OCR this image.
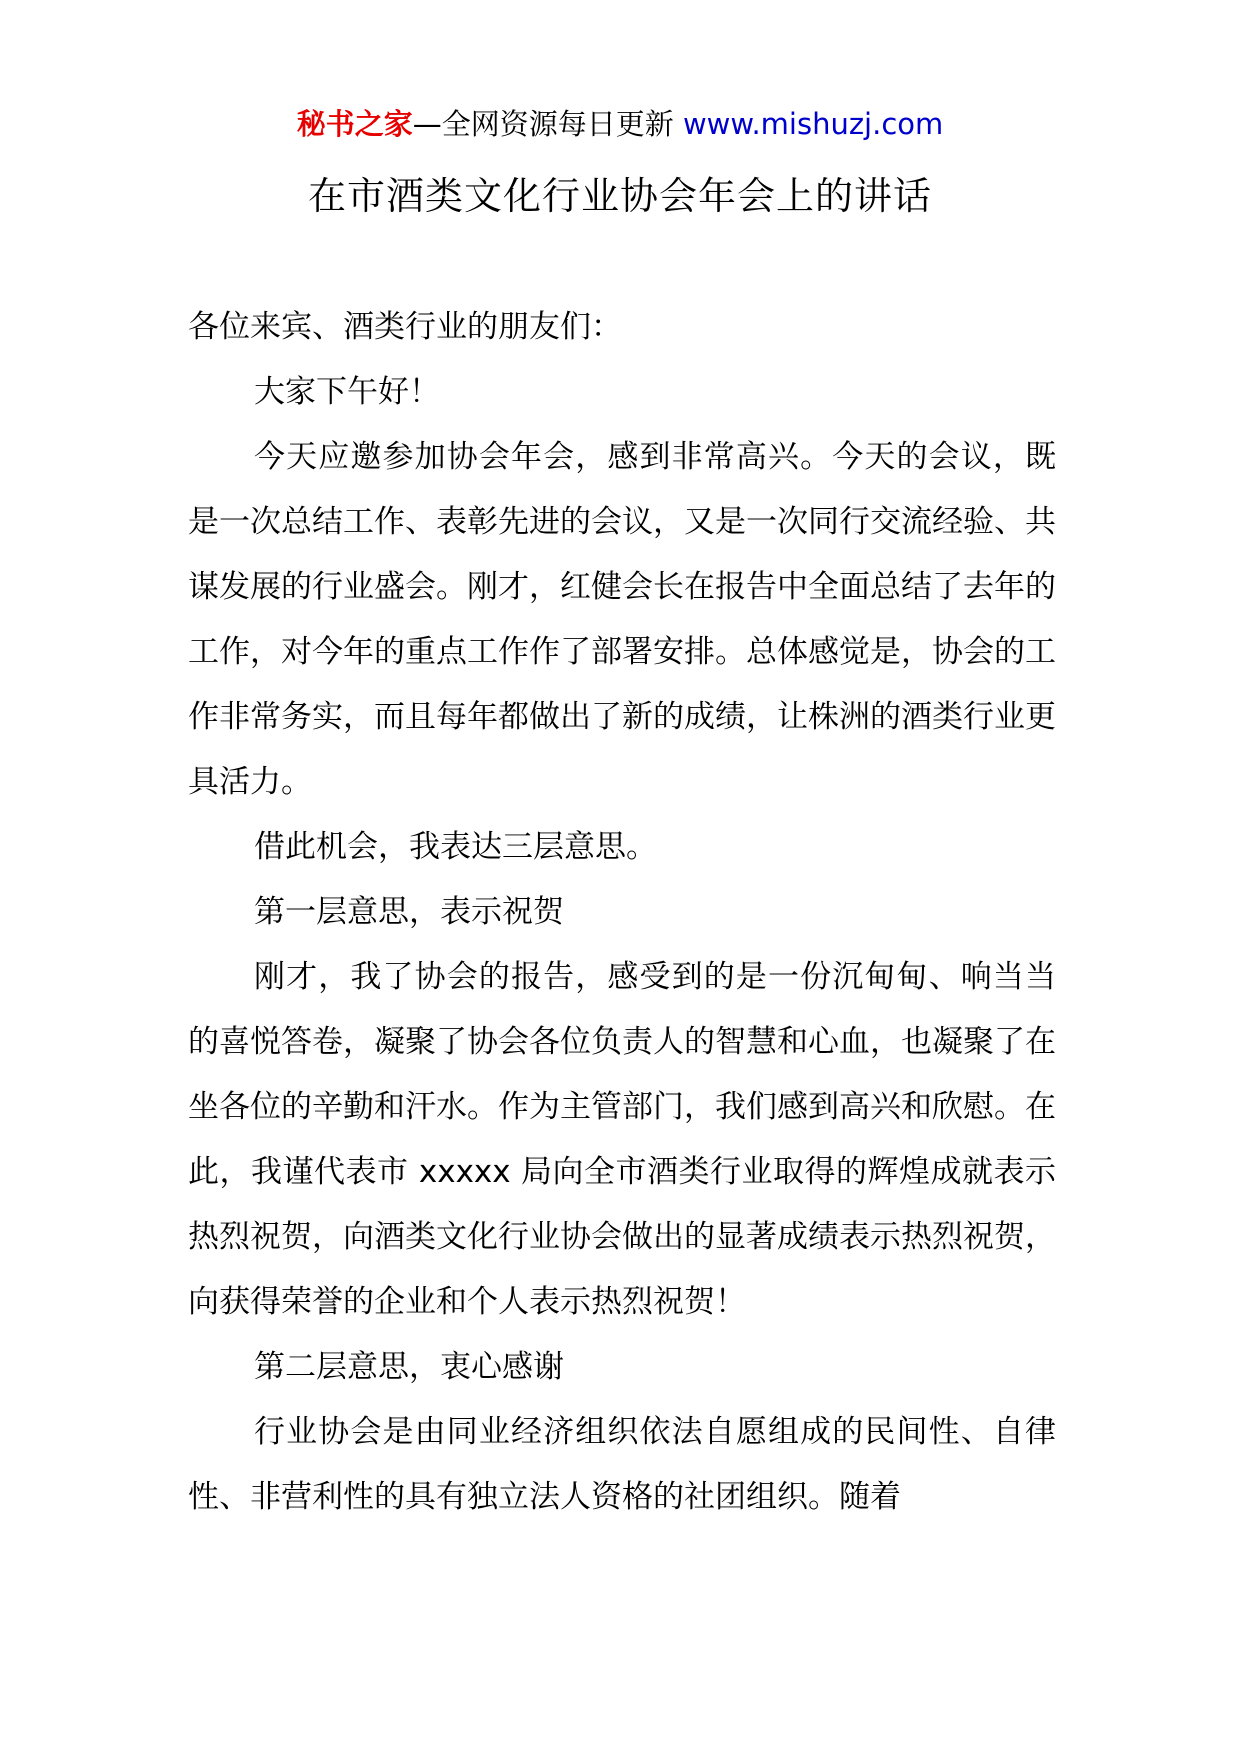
秘书之家—全网资源每日更新 www.mishuzj.com
在市酒类文化行业协会年会上的讲话

各位来宾、酒类行业的朋友们：

大家下午好！

今天应邀参加协会年会，感到非常高兴。今天的会议，既是一次总结工作、表彰先进的会议，又是一次同行交流经验、共谋发展的行业盛会。刚才，红健会长在报告中全面总结了去年的工作，对今年的重点工作作了部署安排。总体感觉是，协会的工作非常务实，而且每年都做出了新的成绩，让株洲的酒类行业更具活力。

借此机会，我表达三层意思。

第一层意思，表示祝贺

刚才，我了协会的报告，感受到的是一份沉甸甸、响当当的喜悦答卷，凝聚了协会各位负责人的智慧和心血，也凝聚了在坐各位的辛勤和汗水。作为主管部门，我们感到高兴和欣慰。在此，我谨代表市 xxxxx 局向全市酒类行业取得的辉煌成就表示热烈祝贺，向酒类文化行业协会做出的显著成绩表示热烈祝贺，向获得荣誉的企业和个人表示热烈祝贺！

第二层意思，衷心感谢

行业协会是由同业经济组织依法自愿组成的民间性、自律性、非营利性的具有独立法人资格的社团组织。随着
